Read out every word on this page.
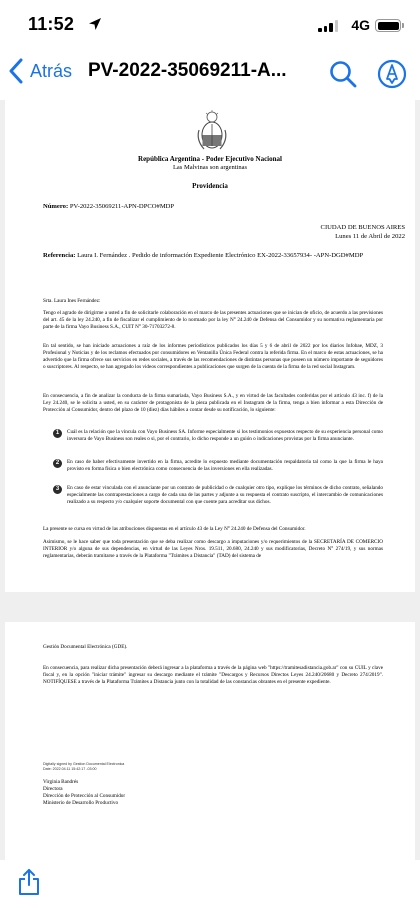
11:52	4G
Atrás PV-2022-35069211-A...
República Argentina - Poder Ejecutivo Nacional
Las Malvinas son argentinas
Providencia
Número: PV-2022-35069211-APN-DPCO#MDP
CIUDAD DE BUENOS AIRES
Lunes 11 de Abril de 2022
Referencia: Laura I. Fernández . Pedido de información Expediente Electrónico EX-2022-33657934- -APN-DGD#MDP
Srta. Laura Ines Fernández:
Tengo el agrado de dirigirme a usted a fin de solicitarle colaboración en el marco de las presentes actuaciones que se inician de oficio, de acuerdo a las previsiones del art. 45 de la ley 24.240, a fin de fiscalizar el cumplimiento de lo normado por la ley N° 24.240 de Defensa del Consumidor y su normativa reglamentaria por parte de la firma Vayo Business S.A., CUIT N° 30-71703272-8.
En tal sentido, se han iniciado actuaciones a raíz de los informes periodísticos publicados los días 5 y 6 de abril de 2022 por los diarios Infobae, MDZ, 3 Profesional y Noticias y de los reclamos efectuados por consumidores en Ventanilla Única Federal contra la referida firma. En el marco de estas actuaciones, se ha advertido que la firma ofrece sus servicios en redes sociales, a través de las recomendaciones de distintas personas que poseen un número importante de seguidores o suscriptores. Al respecto, se han agregado los videos correspondientes a publicaciones que surgen de la cuenta de la firma de la red social Instagram.
En consecuencia, a fin de analizar la conducta de la firma sumariada, Vayo Business S.A., y en virtud de las facultades conferidas por el artículo 43 inc. f) de la Ley 24.240, se le solicita a usted, en su carácter de protagonista de la pieza publicada en el Instagram de la firma, tenga a bien informar a esta Dirección de Protección al Consumidor, dentro del plazo de 10 (diez) días hábiles a contar desde su notificación, lo siguiente:
1	Cuál es la relación que la vincula con Vayo Business SA. Informe especialmente si los testimonios expuestos respecto de su experiencia personal como inversora de Vayo Business son reales o si, por el contrario, lo dicho responde a un guión o indicaciones provistas por la firma anunciante.
2	En caso de haber efectivamente invertido en la firma, acredite lo expuesto mediante documentación respaldatoria tal como la que la firma le haya provisto en forma física o bien electrónica como consecuencia de las inversiones en ella realizadas.
3	En caso de estar vinculada con el anunciante por un contrato de publicidad o de cualquier otro tipo, explique los términos de dicho contrato, señalando especialmente las contraprestaciones a cargo de cada una de las partes y adjunte a su respuesta el contrato suscripto, el intercambio de comunicaciones realizado a su respecto y/o cualquier soporte documental con que cuente para acreditar sus dichos.
La presente se cursa en virtud de las atribuciones dispuestas en el artículo 43 de la Ley N° 24.240 de Defensa del Consumidor.
Asimismo, se le hace saber que toda presentación que se deba realizar como descargo a imputaciones y/o requerimientos de la SECRETARÍA DE COMERCIO INTERIOR y/o alguna de sus dependencias, en virtud de las Leyes Nros. 19.511, 20.680, 24.240 y sus modificatorias, Decreto N° 274/19, y sus normas reglamentarias, deberán tramitarse a través de la Plataforma "Trámites a Distancia" (TAD) del sistema de
Gestión Documental Electrónica (GDE).
En consecuencia, para realizar dicha presentación deberá ingresar a la plataforma a través de la página web "https://tramitesadistancia.gob.ar" con su CUIL y clave fiscal y, en la opción "iniciar trámite" ingresar su descargo mediante el trámite "Descargos y Recursos Directos Leyes 24.240/20680 y Decreto 274/2019". NOTIFÍQUESE a través de la Plataforma Trámites a Distancia junto con la totalidad de las constancias obrantes en el presente expediente.
Digitally signed by Gestion Documental Electronica
Date: 2022.04.11 15:42:17 -03:00
Virginia Bandrés
Directora
Dirección de Protección al Consumidor
Ministerio de Desarrollo Productivo
